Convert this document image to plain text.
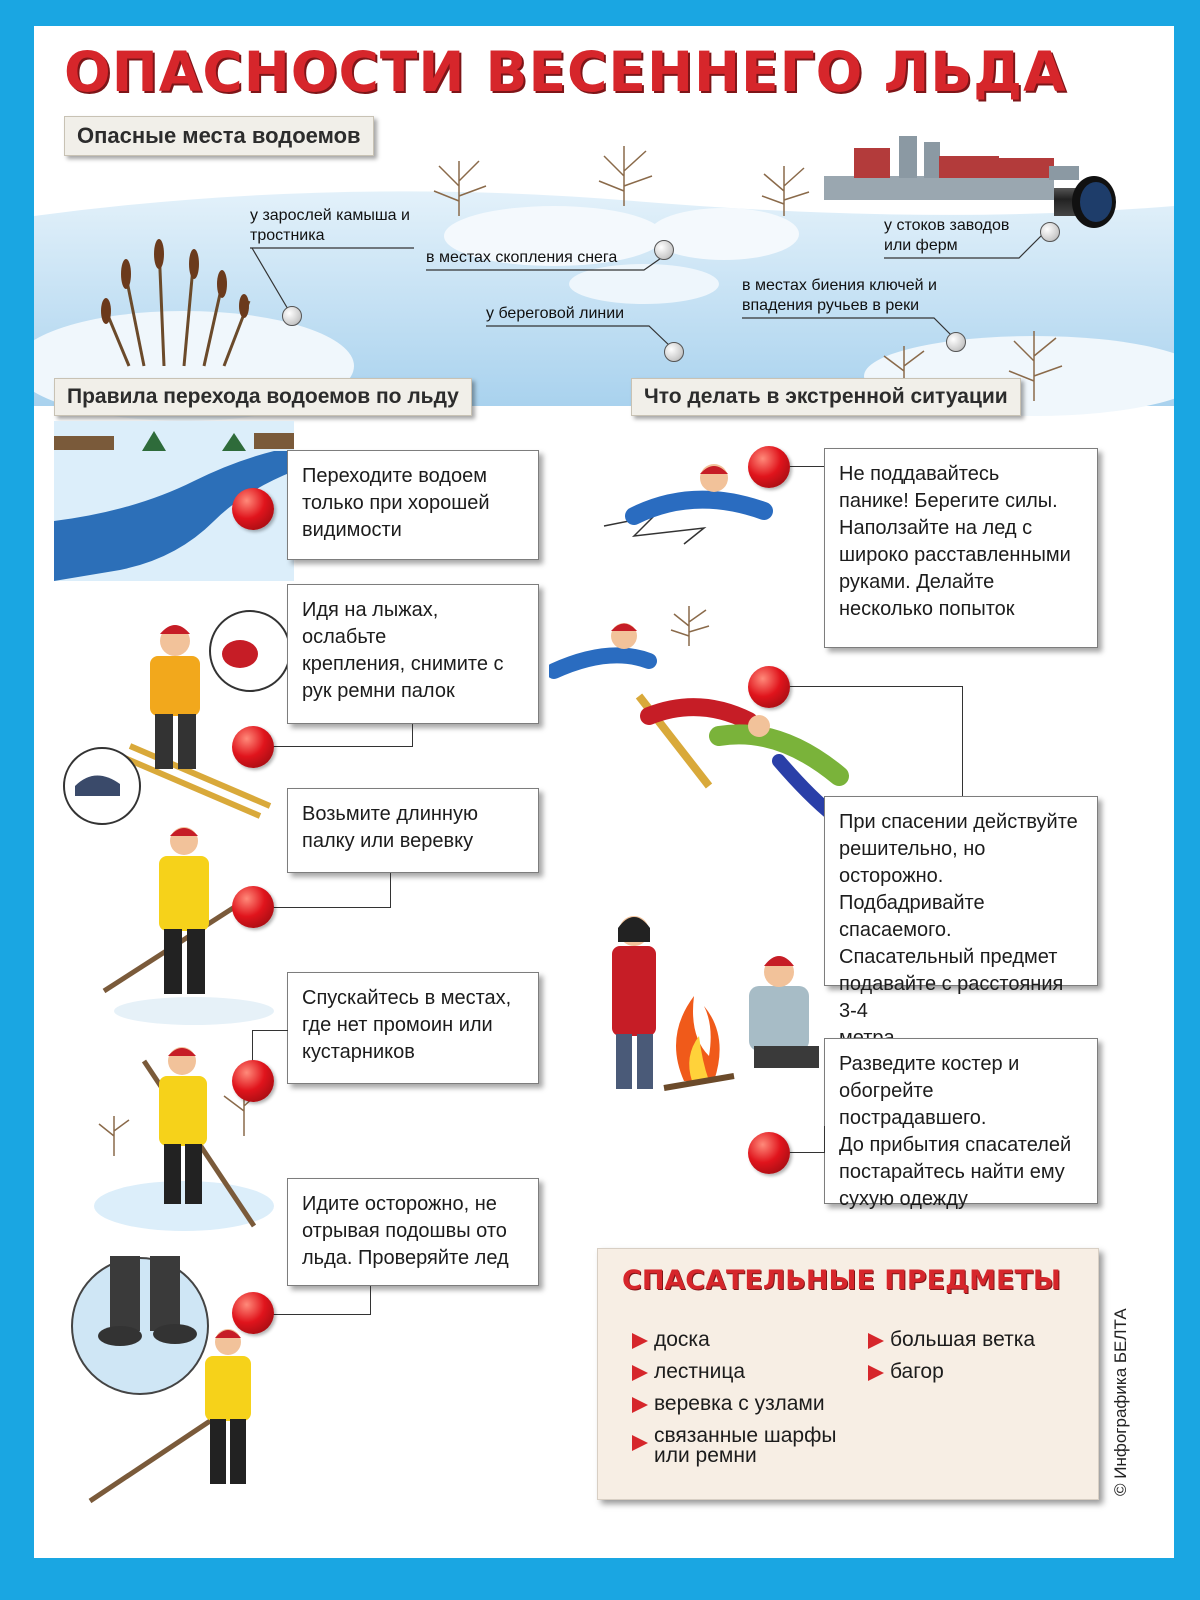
ОПАСНОСТИ ВЕСЕННЕГО ЛЬДА
Опасные места водоемов
у зарослей камыша и
тростника
в местах скопления снега
у стоков заводов
или ферм
в местах биения ключей и
впадения ручьев в реки
у береговой линии
Правила перехода водоемов по льду	Что делать в экстренной ситуации
Переходите водоем
только при хорошей
видимости
Идя на лыжах, ослабьте
крепления, снимите с
рук ремни палок
Возьмите длинную
палку или веревку
Спускайтесь в местах,
где нет промоин или
кустарников
Идите осторожно, не
отрывая подошвы ото
льда. Проверяйте лед
Не поддавайтесь
панике! Берегите силы.
Наползайте на лед с
широко расставленными
руками. Делайте
несколько попыток
При спасении действуйте
решительно, но осторожно.
Подбадривайте спасаемого.
Спасательный предмет
подавайте с расстояния 3-4
Разведите костер и
обогрейте пострадавшего.
До прибытия спасателей
постарайтесь найти ему
сухую одежду
СПАСАТЕЛЬНЫЕ ПРЕДМЕТЫ
доска
лестница
веревка с узлами
связанные шарфы
или ремни
большая ветка
багор	© Инфографика БЕЛТА
